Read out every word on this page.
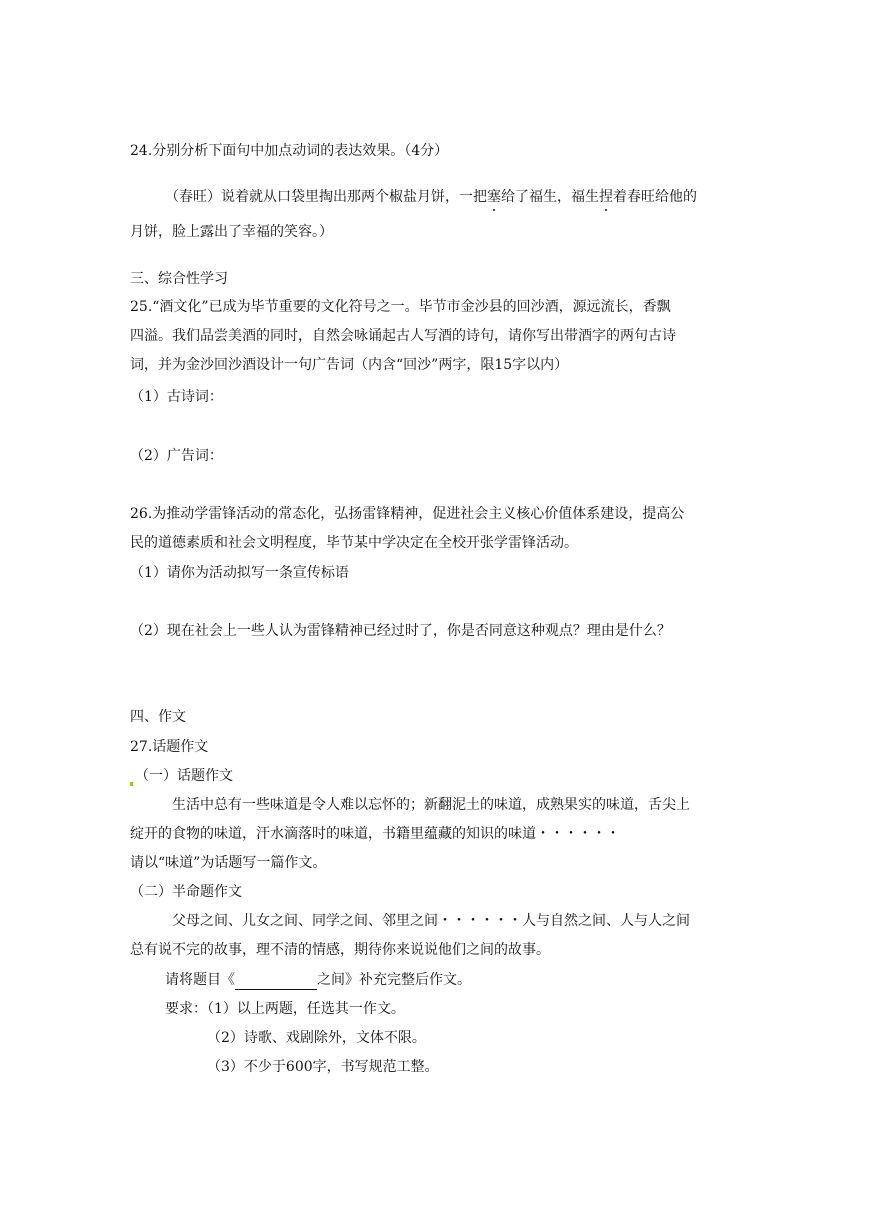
24.分别分析下面句中加点动词的表达效果。（4分）
（春旺）说着就从口袋里掏出那两个椒盐月饼，一把塞给了福生，福生捏着春旺给他的
月饼，脸上露出了幸福的笑容。）
三、综合性学习
25.“酒文化”已成为毕节重要的文化符号之一。毕节市金沙县的回沙酒，源远流长，香飘
四溢。我们品尝美酒的同时，自然会咏诵起古人写酒的诗句，请你写出带酒字的两句古诗
词，并为金沙回沙酒设计一句广告词（内含“回沙”两字，限15字以内）
（1）古诗词：
（2）广告词：
26.为推动学雷锋活动的常态化，弘扬雷锋精神，促进社会主义核心价值体系建设，提高公
民的道德素质和社会文明程度，毕节某中学决定在全校开张学雷锋活动。
（1）请你为活动拟写一条宣传标语
（2）现在社会上一些人认为雷锋精神已经过时了，你是否同意这种观点？理由是什么？
四、作文
27.话题作文
（一）话题作文
生活中总有一些味道是令人难以忘怀的；新翻泥土的味道，成熟果实的味道，舌尖上
绽开的食物的味道，汗水滴落时的味道，书籍里蕴藏的知识的味道・・・・・・
请以“味道”为话题写一篇作文。
（二）半命题作文
父母之间、儿女之间、同学之间、邻里之间・・・・・・人与自然之间、人与人之间
总有说不完的故事，理不清的情感，期待你来说说他们之间的故事。
请将题目《	之间》补充完整后作文。
要求：（1）以上两题，任选其一作文。
（2）诗歌、戏剧除外，文体不限。
（3）不少于600字，书写规范工整。
